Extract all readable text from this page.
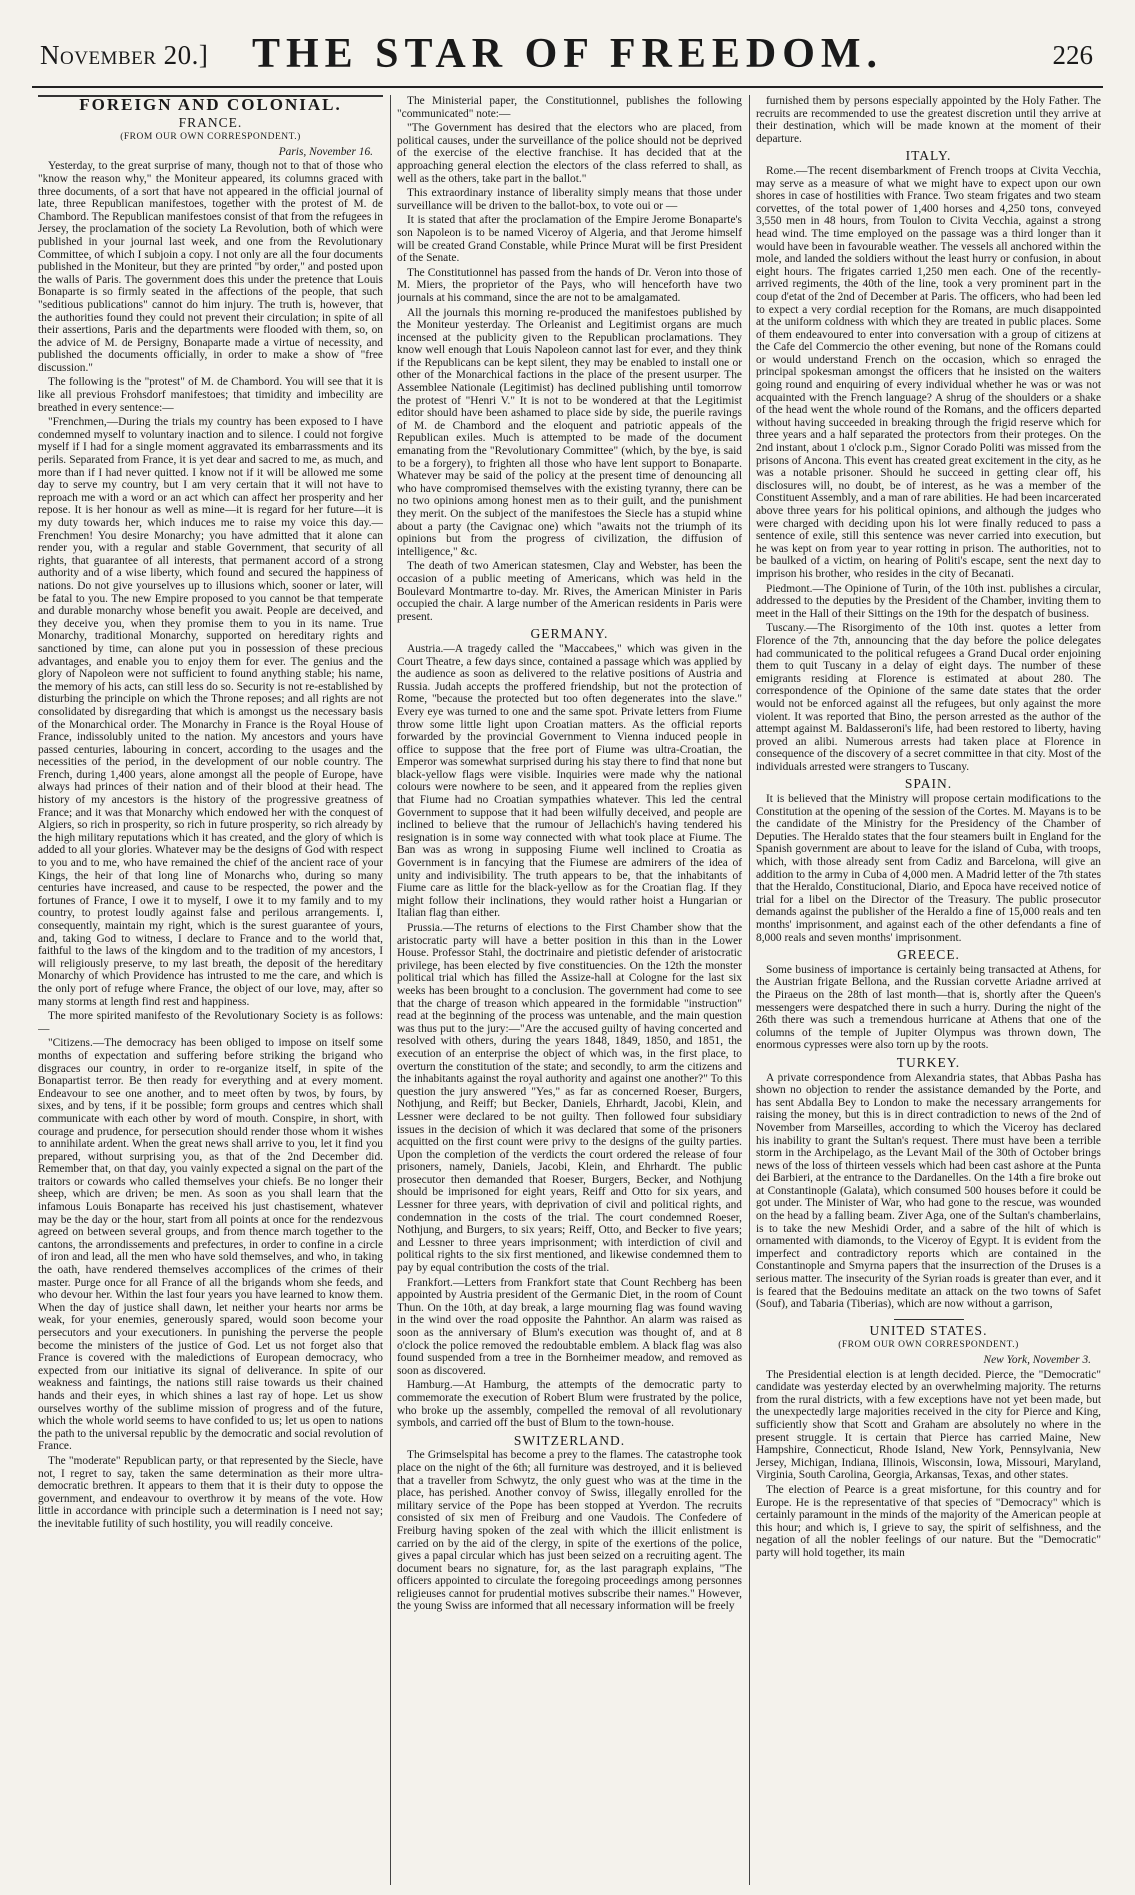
November 20.]	THE STAR OF FREEDOM.	226
FOREIGN AND COLONIAL.
FRANCE.
(FROM OUR OWN CORRESPONDENT.)
Paris, November 16.

Yesterday, to the great surprise of many, though not to that of those who "know the reason why," the Moniteur appeared, its columns graced with three documents, of a sort that have not appeared in the official journal of late, three Republican manifestoes, together with the protest of M. de Chambord. The Republican manifestoes consist of that from the refugees in Jersey, the proclamation of the society La Revolution, both of which were published in your journal last week, and one from the Revolutionary Committee, of which I subjoin a copy. I not only are all the four documents published in the Moniteur, but they are printed "by order," and posted upon the walls of Paris. The government does this under the pretence that Louis Bonaparte is so firmly seated in the affections of the people, that such "seditious publications" cannot do him injury. The truth is, however, that the authorities found they could not prevent their circulation; in spite of all their assertions, Paris and the departments were flooded with them, so, on the advice of M. de Persigny, Bonaparte made a virtue of necessity, and published the documents officially, in order to make a show of "free discussion."

The following is the "protest" of M. de Chambord. You will see that it is like all previous Frohsdorf manifestoes; that timidity and imbecility are breathed in every sentence:—

"Frenchmen,—During the trials my country has been exposed to I have condemned myself to voluntary inaction and to silence. I could not forgive myself if I had for a single moment aggravated its embarrassments and its perils. Separated from France, it is yet dear and sacred to me, as much, and more than if I had never quitted. I know not if it will be allowed me some day to serve my country, but I am very certain that it will not have to reproach me with a word or an act which can affect her prosperity and her repose. It is her honour as well as mine—it is regard for her future—it is my duty towards her, which induces me to raise my voice this day.—Frenchmen! You desire Monarchy; you have admitted that it alone can render you, with a regular and stable Government, that security of all rights, that guarantee of all interests, that permanent accord of a strong authority and of a wise liberty, which found and secured the happiness of nations. Do not give yourselves up to illusions which, sooner or later, will be fatal to you. The new Empire proposed to you cannot be that temperate and durable monarchy whose benefit you await. People are deceived, and they deceive you, when they promise them to you in its name. True Monarchy, traditional Monarchy, supported on hereditary rights and sanctioned by time, can alone put you in possession of these precious advantages, and enable you to enjoy them for ever. The genius and the glory of Napoleon were not sufficient to found anything stable; his name, the memory of his acts, can still less do so. Security is not re-established by disturbing the principle on which the Throne reposes; and all rights are not consolidated by disregarding that which is amongst us the necessary basis of the Monarchical order. The Monarchy in France is the Royal House of France, indissolubly united to the nation. My ancestors and yours have passed centuries, labouring in concert, according to the usages and the necessities of the period, in the development of our noble country. The French, during 1,400 years, alone amongst all the people of Europe, have always had princes of their nation and of their blood at their head. The history of my ancestors is the history of the progressive greatness of France; and it was that Monarchy which endowed her with the conquest of Algiers, so rich in prosperity, so rich in future prosperity, so rich already by the high military reputations which it has created, and the glory of which is added to all your glories. Whatever may be the designs of God with respect to you and to me, who have remained the chief of the ancient race of your Kings, the heir of that long line of Monarchs who, during so many centuries have increased, and cause to be respected, the power and the fortunes of France, I owe it to myself, I owe it to my family and to my country, to protest loudly against false and perilous arrangements. I, consequently, maintain my right, which is the surest guarantee of yours, and, taking God to witness, I declare to France and to the world that, faithful to the laws of the kingdom and to the tradition of my ancestors, I will religiously preserve, to my last breath, the deposit of the hereditary Monarchy of which Providence has intrusted to me the care, and which is the only port of refuge where France, the object of our love, may, after so many storms at length find rest and happiness.

The more spirited manifesto of the Revolutionary Society is as follows:—

"Citizens.—The democracy has been obliged to impose on itself some months of expectation and suffering before striking the brigand who disgraces our country, in order to re-organize itself, in spite of the Bonapartist terror. Be then ready for everything and at every moment. Endeavour to see one another, and to meet often by twos, by fours, by sixes, and by tens, if it be possible; form groups and centres which shall communicate with each other by word of mouth. Conspire, in short, with courage and prudence, for persecution should render those whom it wishes to annihilate ardent. When the great news shall arrive to you, let it find you prepared, without surprising you, as that of the 2nd December did. Remember that, on that day, you vainly expected a signal on the part of the traitors or cowards who called themselves your chiefs. Be no longer their sheep, which are driven; be men. As soon as you shall learn that the infamous Louis Bonaparte has received his just chastisement, whatever may be the day or the hour, start from all points at once for the rendezvous agreed on between several groups, and from thence march together to the cantons, the arrondissements and prefectures, in order to confine in a circle of iron and lead, all the men who have sold themselves, and who, in taking the oath, have rendered themselves accomplices of the crimes of their master. Purge once for all France of all the brigands whom she feeds, and who devour her. Within the last four years you have learned to know them. When the day of justice shall dawn, let neither your hearts nor arms be weak, for your enemies, generously spared, would soon become your persecutors and your executioners. In punishing the perverse the people become the ministers of the justice of God. Let us not forget also that France is covered with the maledictions of European democracy, who expected from our initiative its signal of deliverance. In spite of our weakness and faintings, the nations still raise towards us their chained hands and their eyes, in which shines a last ray of hope. Let us show ourselves worthy of the sublime mission of progress and of the future, which the whole world seems to have confided to us; let us open to nations the path to the universal republic by the democratic and social revolution of France.

The "moderate" Republican party, or that represented by the Siecle, have not, I regret to say, taken the same determination as their more ultra-democratic brethren. It appears to them that it is their duty to oppose the government, and endeavour to overthrow it by means of the vote. How little in accordance with principle such a determination is I need not say; the inevitable futility of such hostility, you will readily conceive.

The Ministerial paper, the Constitutionnel, publishes the following "communicated" note:—

"The Government has desired that the electors who are placed, from political causes, under the surveillance of the police should not be deprived of the exercise of the elective franchise. It has decided that at the approaching general election the electors of the class referred to shall, as well as the others, take part in the ballot."

This extraordinary instance of liberality simply means that those under surveillance will be driven to the ballot-box, to vote oui or —

It is stated that after the proclamation of the Empire Jerome Bonaparte's son Napoleon is to be named Viceroy of Algeria, and that Jerome himself will be created Grand Constable, while Prince Murat will be first President of the Senate.

The Constitutionnel has passed from the hands of Dr. Veron into those of M. Miers, the proprietor of the Pays, who will henceforth have two journals at his command, since the are not to be amalgamated.

All the journals this morning re-produced the manifestoes published by the Moniteur yesterday. The Orleanist and Legitimist organs are much incensed at the publicity given to the Republican proclamations. They know well enough that Louis Napoleon cannot last for ever, and they think if the Republicans can be kept silent, they may be enabled to install one or other of the Monarchical factions in the place of the present usurper. The Assemblee Nationale (Legitimist) has declined publishing until tomorrow the protest of "Henri V." It is not to be wondered at that the Legitimist editor should have been ashamed to place side by side, the puerile ravings of M. de Chambord and the eloquent and patriotic appeals of the Republican exiles. Much is attempted to be made of the document emanating from the "Revolutionary Committee" (which, by the bye, is said to be a forgery), to frighten all those who have lent support to Bonaparte. Whatever may be said of the policy at the present time of denouncing all who have compromised themselves with the existing tyranny, there can be no two opinions among honest men as to their guilt, and the punishment they merit. On the subject of the manifestoes the Siecle has a stupid whine about a party (the Cavignac one) which "awaits not the triumph of its opinions but from the progress of civilization, the diffusion of intelligence," &c.

The death of two American statesmen, Clay and Webster, has been the occasion of a public meeting of Americans, which was held in the Boulevard Montmartre to-day. Mr. Rives, the American Minister in Paris occupied the chair. A large number of the American residents in Paris were present.

GERMANY.

Austria.—A tragedy called the "Maccabees," which was given in the Court Theatre, a few days since, contained a passage which was applied by the audience as soon as delivered to the relative positions of Austria and Russia. Judah accepts the proffered friendship, but not the protection of Rome, "because the protected but too often degenerates into the slave." Every eye was turned to one and the same spot. Private letters from Fiume throw some little light upon Croatian matters. As the official reports forwarded by the provincial Government to Vienna induced people in office to suppose that the free port of Fiume was ultra-Croatian, the Emperor was somewhat surprised during his stay there to find that none but black-yellow flags were visible. Inquiries were made why the national colours were nowhere to be seen, and it appeared from the replies given that Fiume had no Croatian sympathies whatever. This led the central Government to suppose that it had been wilfully deceived, and people are inclined to believe that the rumour of Jellachich's having tendered his resignation is in some way connected with what took place at Fiume. The Ban was as wrong in supposing Fiume well inclined to Croatia as Government is in fancying that the Fiumese are admirers of the idea of unity and indivisibility. The truth appears to be, that the inhabitants of Fiume care as little for the black-yellow as for the Croatian flag. If they might follow their inclinations, they would rather hoist a Hungarian or Italian flag than either.

Prussia.—The returns of elections to the First Chamber show that the aristocratic party will have a better position in this than in the Lower House. Professor Stahl, the doctrinaire and pietistic defender of aristocratic privilege, has been elected by five constituencies. On the 12th the monster political trial which has filled the Assize-hall at Cologne for the last six weeks has been brought to a conclusion. The government had come to see that the charge of treason which appeared in the formidable "instruction" read at the beginning of the process was untenable, and the main question was thus put to the jury:—"Are the accused guilty of having concerted and resolved with others, during the years 1848, 1849, 1850, and 1851, the execution of an enterprise the object of which was, in the first place, to overturn the constitution of the state; and secondly, to arm the citizens and the inhabitants against the royal authority and against one another?" To this question the jury answered "Yes," as far as concerned Roeser, Burgers, Nothjung, and Reiff; but Becker, Daniels, Ehrhardt, Jacobi, Klein, and Lessner were declared to be not guilty. Then followed four subsidiary issues in the decision of which it was declared that some of the prisoners acquitted on the first count were privy to the designs of the guilty parties. Upon the completion of the verdicts the court ordered the release of four prisoners, namely, Daniels, Jacobi, Klein, and Ehrhardt. The public prosecutor then demanded that Roeser, Burgers, Becker, and Nothjung should be imprisoned for eight years, Reiff and Otto for six years, and Lessner for three years, with deprivation of civil and political rights, and condemnation in the costs of the trial. The court condemned Roeser, Nothjung, and Burgers, to six years; Reiff, Otto, and Becker to five years; and Lessner to three years imprisonment; with interdiction of civil and political rights to the six first mentioned, and likewise condemned them to pay by equal contribution the costs of the trial.

Frankfort.—Letters from Frankfort state that Count Rechberg has been appointed by Austria president of the Germanic Diet, in the room of Count Thun. On the 10th, at day break, a large mourning flag was found waving in the wind over the road opposite the Pahnthor. An alarm was raised as soon as the anniversary of Blum's execution was thought of, and at 8 o'clock the police removed the redoubtable emblem. A black flag was also found suspended from a tree in the Bornheimer meadow, and removed as soon as discovered.

Hamburg.—At Hamburg, the attempts of the democratic party to commemorate the execution of Robert Blum were frustrated by the police, who broke up the assembly, compelled the removal of all revolutionary symbols, and carried off the bust of Blum to the town-house.

SWITZERLAND.

The Grimselspital has become a prey to the flames. The catastrophe took place on the night of the 6th; all furniture was destroyed, and it is believed that a traveller from Schwytz, the only guest who was at the time in the place, has perished. Another convoy of Swiss, illegally enrolled for the military service of the Pope has been stopped at Yverdon. The recruits consisted of six men of Freiburg and one Vaudois. The Confedere of Freiburg having spoken of the zeal with which the illicit enlistment is carried on by the aid of the clergy, in spite of the exertions of the police, gives a papal circular which has just been seized on a recruiting agent. The document bears no signature, for, as the last paragraph explains, "The officers appointed to circulate the foregoing proceedings among personnes religieuses cannot for prudential motives subscribe their names." However, the young Swiss are informed that all necessary information will be freely

furnished them by persons especially appointed by the Holy Father. The recruits are recommended to use the greatest discretion until they arrive at their destination, which will be made known at the moment of their departure.

ITALY.

Rome.—The recent disembarkment of French troops at Civita Vecchia, may serve as a measure of what we might have to expect upon our own shores in case of hostilities with France. Two steam frigates and two steam corvettes, of the total power of 1,400 horses and 4,250 tons, conveyed 3,550 men in 48 hours, from Toulon to Civita Vecchia, against a strong head wind. The time employed on the passage was a third longer than it would have been in favourable weather. The vessels all anchored within the mole, and landed the soldiers without the least hurry or confusion, in about eight hours. The frigates carried 1,250 men each. One of the recently-arrived regiments, the 40th of the line, took a very prominent part in the coup d'etat of the 2nd of December at Paris. The officers, who had been led to expect a very cordial reception for the Romans, are much disappointed at the uniform coldness with which they are treated in public places. Some of them endeavoured to enter into conversation with a group of citizens at the Cafe del Commercio the other evening, but none of the Romans could or would understand French on the occasion, which so enraged the principal spokesman amongst the officers that he insisted on the waiters going round and enquiring of every individual whether he was or was not acquainted with the French language? A shrug of the shoulders or a shake of the head went the whole round of the Romans, and the officers departed without having succeeded in breaking through the frigid reserve which for three years and a half separated the protectors from their proteges. On the 2nd instant, about 1 o'clock p.m., Signor Corado Politi was missed from the prisons of Ancona. This event has created great excitement in the city, as he was a notable prisoner. Should he succeed in getting clear off, his disclosures will, no doubt, be of interest, as he was a member of the Constituent Assembly, and a man of rare abilities. He had been incarcerated above three years for his political opinions, and although the judges who were charged with deciding upon his lot were finally reduced to pass a sentence of exile, still this sentence was never carried into execution, but he was kept on from year to year rotting in prison. The authorities, not to be baulked of a victim, on hearing of Politi's escape, sent the next day to imprison his brother, who resides in the city of Becanati.

Piedmont.—The Opinione of Turin, of the 10th inst. publishes a circular, addressed to the deputies by the President of the Chamber, inviting them to meet in the Hall of their Sittings on the 19th for the despatch of business.

Tuscany.—The Risorgimento of the 10th inst. quotes a letter from Florence of the 7th, announcing that the day before the police delegates had communicated to the political refugees a Grand Ducal order enjoining them to quit Tuscany in a delay of eight days. The number of these emigrants residing at Florence is estimated at about 280. The correspondence of the Opinione of the same date states that the order would not be enforced against all the refugees, but only against the more violent. It was reported that Bino, the person arrested as the author of the attempt against M. Baldasseroni's life, had been restored to liberty, having proved an alibi. Numerous arrests had taken place at Florence in consequence of the discovery of a secret committee in that city. Most of the individuals arrested were strangers to Tuscany.

SPAIN.

It is believed that the Ministry will propose certain modifications to the Constitution at the opening of the session of the Cortes. M. Mayans is to be the candidate of the Ministry for the Presidency of the Chamber of Deputies. The Heraldo states that the four steamers built in England for the Spanish government are about to leave for the island of Cuba, with troops, which, with those already sent from Cadiz and Barcelona, will give an addition to the army in Cuba of 4,000 men. A Madrid letter of the 7th states that the Heraldo, Constitucional, Diario, and Epoca have received notice of trial for a libel on the Director of the Treasury. The public prosecutor demands against the publisher of the Heraldo a fine of 15,000 reals and ten months' imprisonment, and against each of the other defendants a fine of 8,000 reals and seven months' imprisonment.

GREECE.

Some business of importance is certainly being transacted at Athens, for the Austrian frigate Bellona, and the Russian corvette Ariadne arrived at the Piraeus on the 28th of last month—that is, shortly after the Queen's messengers were despatched there in such a hurry. During the night of the 26th there was such a tremendous hurricane at Athens that one of the columns of the temple of Jupiter Olympus was thrown down, The enormous cypresses were also torn up by the roots.

TURKEY.

A private correspondence from Alexandria states, that Abbas Pasha has shown no objection to render the assistance demanded by the Porte, and has sent Abdalla Bey to London to make the necessary arrangements for raising the money, but this is in direct contradiction to news of the 2nd of November from Marseilles, according to which the Viceroy has declared his inability to grant the Sultan's request. There must have been a terrible storm in the Archipelago, as the Levant Mail of the 30th of October brings news of the loss of thirteen vessels which had been cast ashore at the Punta dei Barbieri, at the entrance to the Dardanelles. On the 14th a fire broke out at Constantinople (Galata), which consumed 500 houses before it could be got under. The Minister of War, who had gone to the rescue, was wounded on the head by a falling beam. Ziver Aga, one of the Sultan's chamberlains, is to take the new Meshidi Order, and a sabre of the hilt of which is ornamented with diamonds, to the Viceroy of Egypt. It is evident from the imperfect and contradictory reports which are contained in the Constantinople and Smyrna papers that the insurrection of the Druses is a serious matter. The insecurity of the Syrian roads is greater than ever, and it is feared that the Bedouins meditate an attack on the two towns of Safet (Souf), and Tabaria (Tiberias), which are now without a garrison,

UNITED STATES.
(FROM OUR OWN CORRESPONDENT.)
New York, November 3.

The Presidential election is at length decided. Pierce, the "Democratic" candidate was yesterday elected by an overwhelming majority. The returns from the rural districts, with a few exceptions have not yet been made, but the unexpectedly large majorities received in the city for Pierce and King, sufficiently show that Scott and Graham are absolutely no where in the present struggle. It is certain that Pierce has carried Maine, New Hampshire, Connecticut, Rhode Island, New York, Pennsylvania, New Jersey, Michigan, Indiana, Illinois, Wisconsin, Iowa, Missouri, Maryland, Virginia, South Carolina, Georgia, Arkansas, Texas, and other states.

The election of Pearce is a great misfortune, for this country and for Europe. He is the representative of that species of "Democracy" which is certainly paramount in the minds of the majority of the American people at this hour; and which is, I grieve to say, the spirit of selfishness, and the negation of all the nobler feelings of our nature. But the "Democratic" party will hold together, its main
